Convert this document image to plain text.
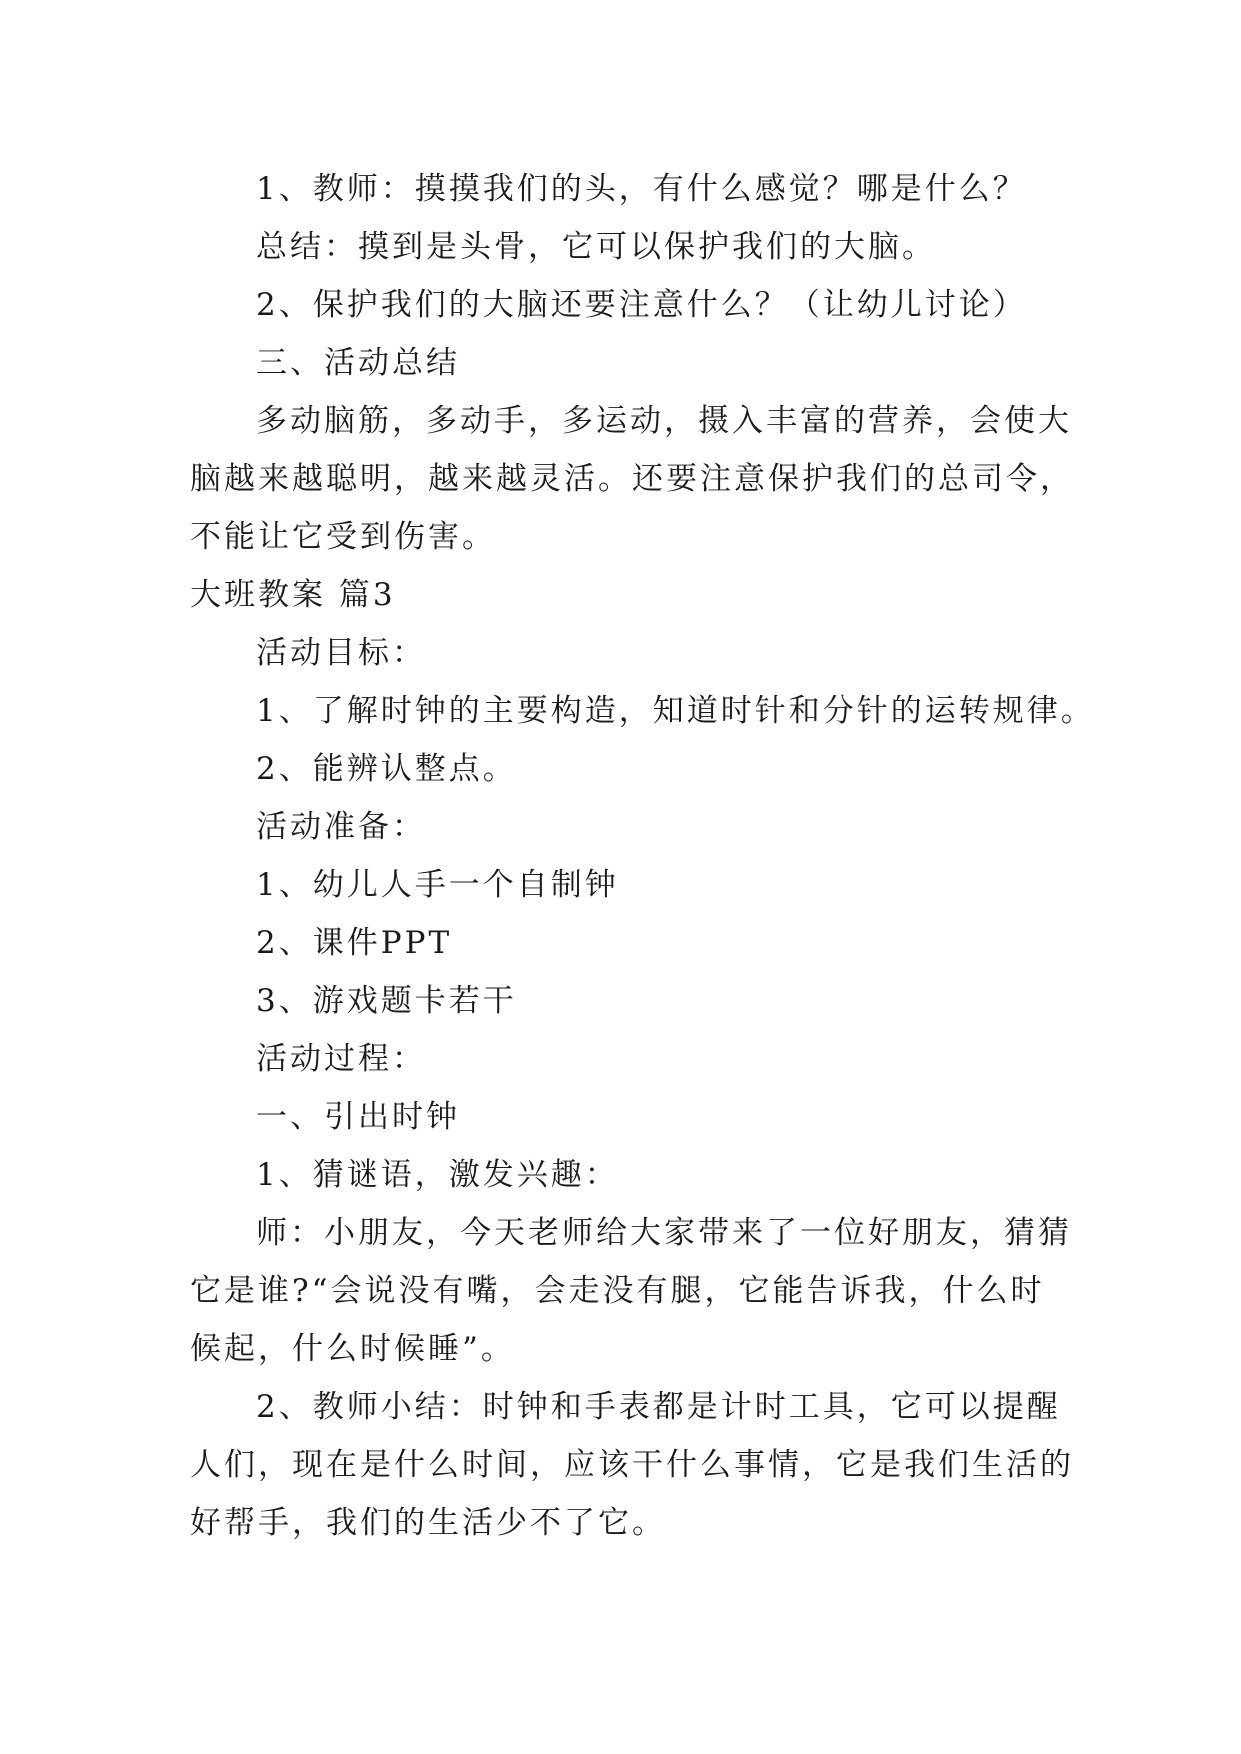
1、教师：摸摸我们的头，有什么感觉？哪是什么？

总结：摸到是头骨，它可以保护我们的大脑。

2、保护我们的大脑还要注意什么？（让幼儿讨论）

三、活动总结

多动脑筋，多动手，多运动，摄入丰富的营养，会使大

脑越来越聪明，越来越灵活。还要注意保护我们的总司令，

不能让它受到伤害。

大班教案 篇3

活动目标：

1、了解时钟的主要构造，知道时针和分针的运转规律。

2、能辨认整点。

活动准备：

1、幼儿人手一个自制钟

2、课件PPT

3、游戏题卡若干

活动过程：

一、引出时钟

1、猜谜语，激发兴趣：

师：小朋友，今天老师给大家带来了一位好朋友，猜猜

它是谁?“会说没有嘴，会走没有腿，它能告诉我，什么时

候起，什么时候睡”。

2、教师小结：时钟和手表都是计时工具，它可以提醒

人们，现在是什么时间，应该干什么事情，它是我们生活的

好帮手，我们的生活少不了它。
